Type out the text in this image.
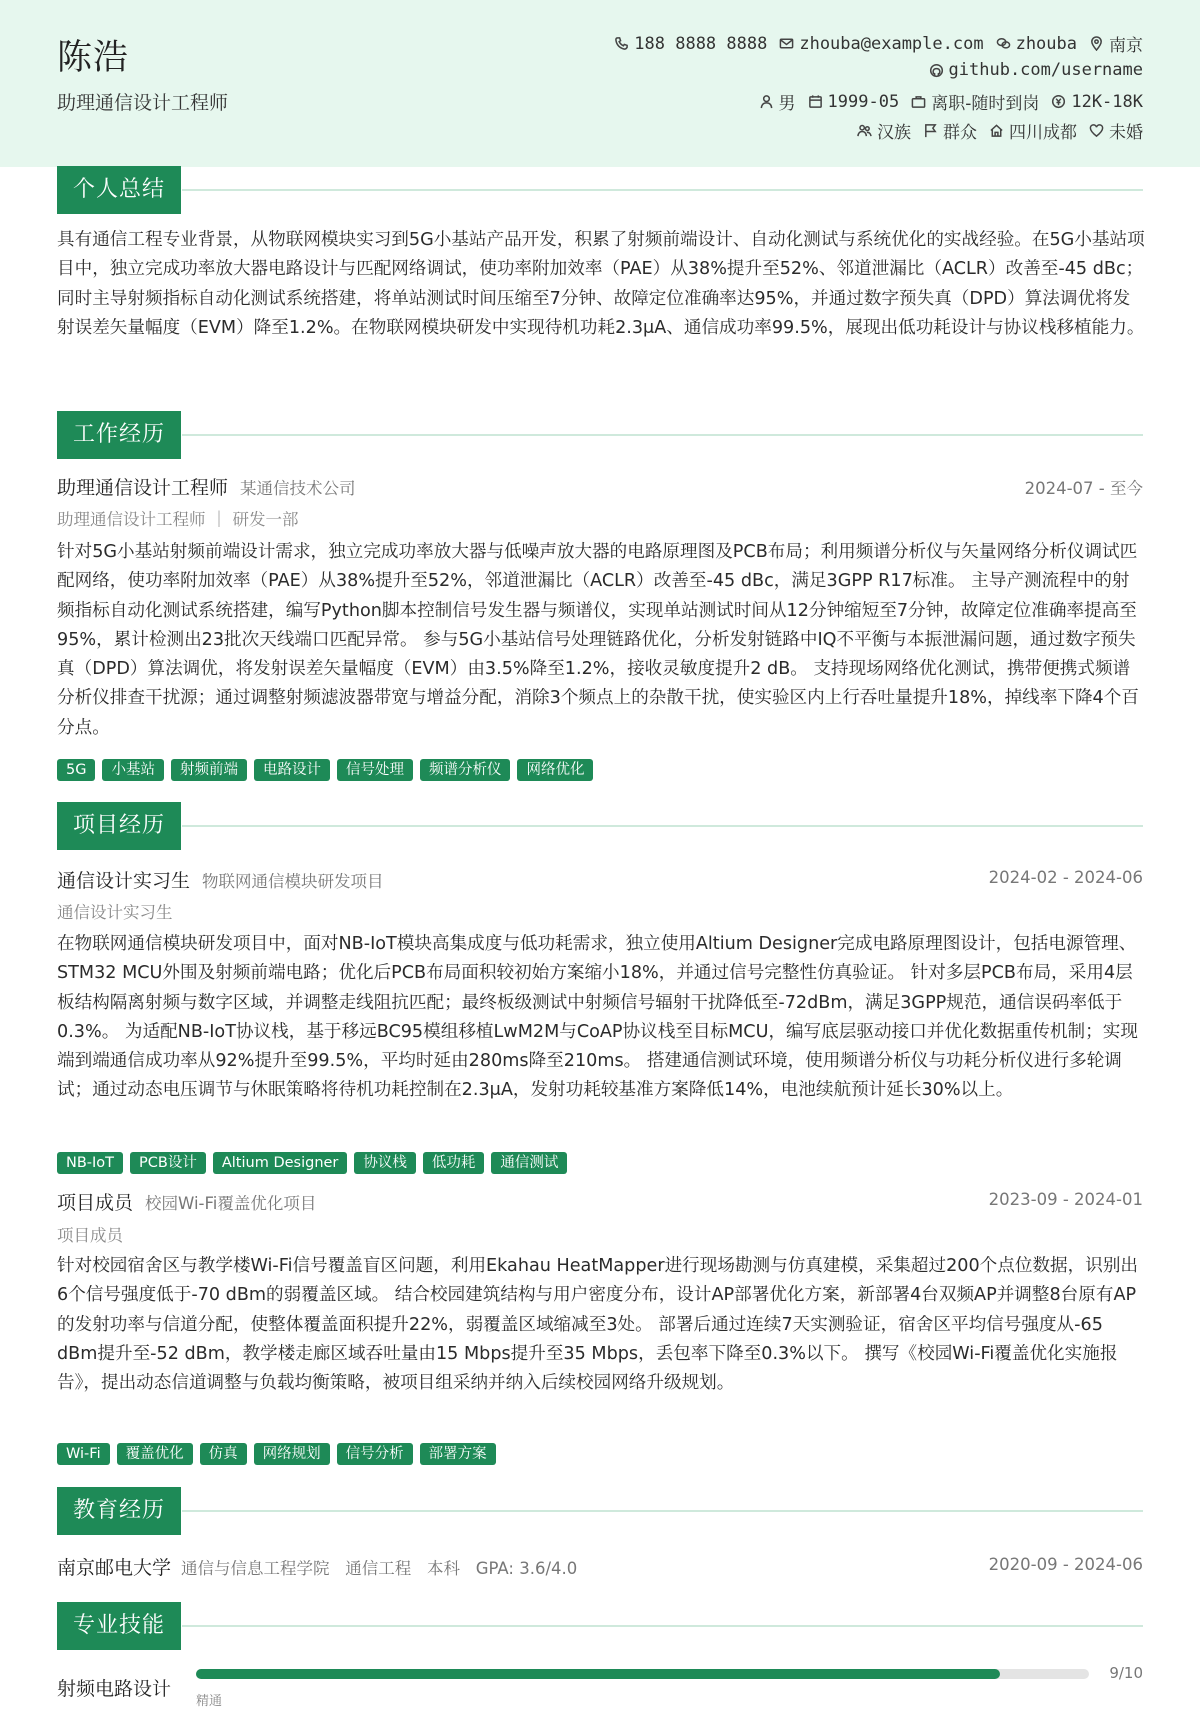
陈浩
助理通信设计工程师
188 8888 8888 zhouba@example.com zhouba 南京
github.com/username
男 1999-05 离职-随时到岗 12K-18K
汉族 群众 四川成都 未婚
个人总结
具有通信工程专业背景，从物联网模块实习到5G小基站产品开发，积累了射频前端设计、自动化测试与系统优化的实战经验。在5G小基站项目中，独立完成功率放大器电路设计与匹配网络调试，使功率附加效率（PAE）从38%提升至52%、邻道泄漏比（ACLR）改善至-45 dBc；同时主导射频指标自动化测试系统搭建，将单站测试时间压缩至7分钟、故障定位准确率达95%，并通过数字预失真（DPD）算法调优将发射误差矢量幅度（EVM）降至1.2%。在物联网模块研发中实现待机功耗2.3μA、通信成功率99.5%，展现出低功耗设计与协议栈移植能力。
工作经历
助理通信设计工程师 某通信技术公司	2024-07 - 至今
助理通信设计工程师 ｜ 研发一部
针对5G小基站射频前端设计需求，独立完成功率放大器与低噪声放大器的电路原理图及PCB布局；利用频谱分析仪与矢量网络分析仪调试匹配网络，使功率附加效率（PAE）从38%提升至52%，邻道泄漏比（ACLR）改善至-45 dBc，满足3GPP R17标准。 主导产测流程中的射频指标自动化测试系统搭建，编写Python脚本控制信号发生器与频谱仪，实现单站测试时间从12分钟缩短至7分钟，故障定位准确率提高至95%，累计检测出23批次天线端口匹配异常。 参与5G小基站信号处理链路优化，分析发射链路中IQ不平衡与本振泄漏问题，通过数字预失真（DPD）算法调优，将发射误差矢量幅度（EVM）由3.5%降至1.2%，接收灵敏度提升2 dB。 支持现场网络优化测试，携带便携式频谱分析仪排查干扰源；通过调整射频滤波器带宽与增益分配，消除3个频点上的杂散干扰，使实验区内上行吞吐量提升18%，掉线率下降4个百分点。
5G	小基站	射频前端	电路设计	信号处理	频谱分析仪	网络优化
项目经历
通信设计实习生 物联网通信模块研发项目	2024-02 - 2024-06
通信设计实习生
在物联网通信模块研发项目中，面对NB-IoT模块高集成度与低功耗需求，独立使用Altium Designer完成电路原理图设计，包括电源管理、STM32 MCU外围及射频前端电路；优化后PCB布局面积较初始方案缩小18%，并通过信号完整性仿真验证。 针对多层PCB布局，采用4层板结构隔离射频与数字区域，并调整走线阻抗匹配；最终板级测试中射频信号辐射干扰降低至-72dBm，满足3GPP规范，通信误码率低于0.3%。 为适配NB-IoT协议栈，基于移远BC95模组移植LwM2M与CoAP协议栈至目标MCU，编写底层驱动接口并优化数据重传机制；实现端到端通信成功率从92%提升至99.5%，平均时延由280ms降至210ms。 搭建通信测试环境，使用频谱分析仪与功耗分析仪进行多轮调试；通过动态电压调节与休眠策略将待机功耗控制在2.3μA，发射功耗较基准方案降低14%，电池续航预计延长30%以上。
NB-IoT	PCB设计	Altium Designer	协议栈	低功耗	通信测试
项目成员 校园Wi-Fi覆盖优化项目	2023-09 - 2024-01
项目成员
针对校园宿舍区与教学楼Wi-Fi信号覆盖盲区问题，利用Ekahau HeatMapper进行现场勘测与仿真建模，采集超过200个点位数据，识别出6个信号强度低于-70 dBm的弱覆盖区域。 结合校园建筑结构与用户密度分布，设计AP部署优化方案，新部署4台双频AP并调整8台原有AP的发射功率与信道分配，使整体覆盖面积提升22%，弱覆盖区域缩减至3处。 部署后通过连续7天实测验证，宿舍区平均信号强度从-65 dBm提升至-52 dBm，教学楼走廊区域吞吐量由15 Mbps提升至35 Mbps，丢包率下降至0.3%以下。 撰写《校园Wi-Fi覆盖优化实施报告》，提出动态信道调整与负载均衡策略，被项目组采纳并纳入后续校园网络升级规划。
Wi-Fi	覆盖优化	仿真	网络规划	信号分析	部署方案
教育经历
南京邮电大学 通信与信息工程学院   通信工程   本科   GPA: 3.6/4.0	2020-09 - 2024-06
专业技能
射频电路设计
9/10
精通
